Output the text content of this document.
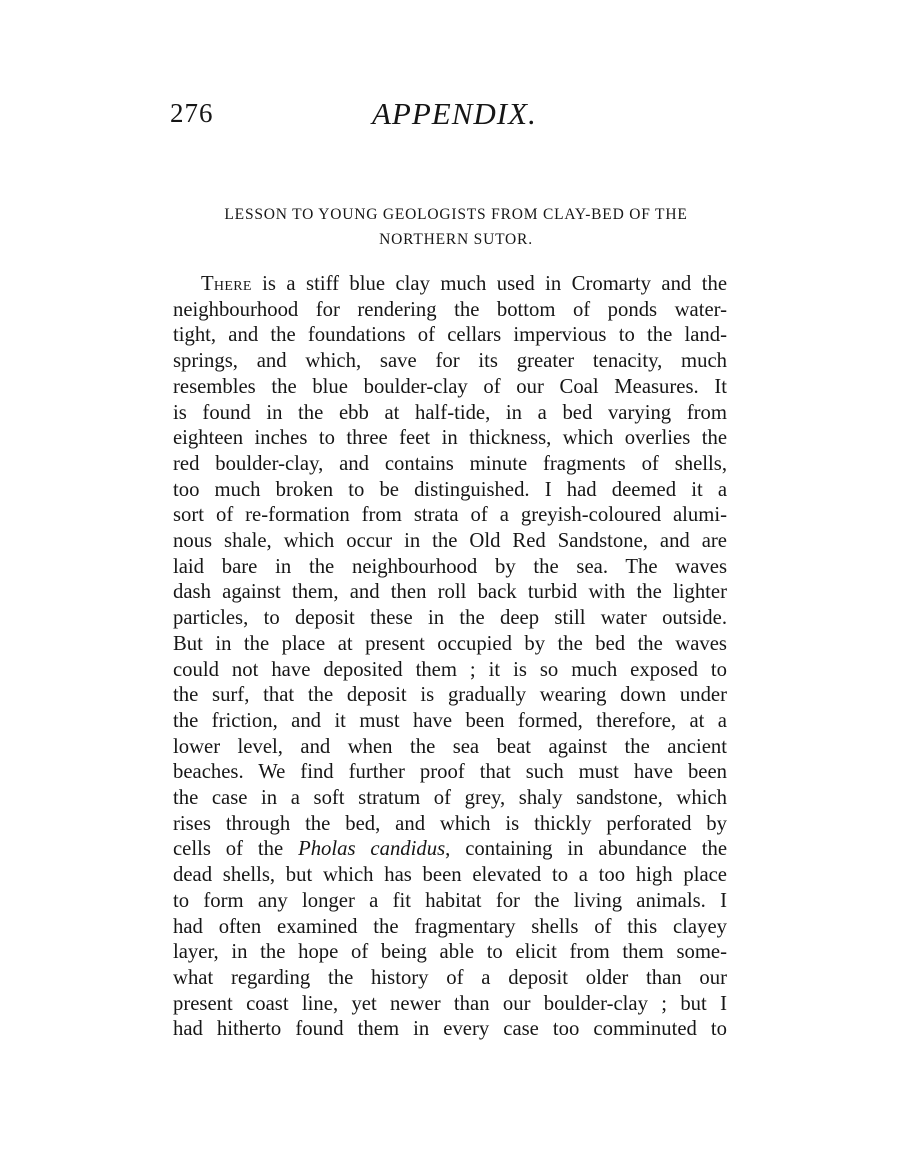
276	APPENDIX.
LESSON TO YOUNG GEOLOGISTS FROM CLAY-BED OF THE
NORTHERN SUTOR.
There is a stiff blue clay much used in Cromarty and the
neighbourhood for rendering the bottom of ponds water-
tight, and the foundations of cellars impervious to the land-
springs, and which, save for its greater tenacity, much
resembles the blue boulder-clay of our Coal Measures. It
is found in the ebb at half-tide, in a bed varying from
eighteen inches to three feet in thickness, which overlies the
red boulder-clay, and contains minute fragments of shells,
too much broken to be distinguished. I had deemed it a
sort of re-formation from strata of a greyish-coloured alumi-
nous shale, which occur in the Old Red Sandstone, and are
laid bare in the neighbourhood by the sea. The waves
dash against them, and then roll back turbid with the lighter
particles, to deposit these in the deep still water outside.
But in the place at present occupied by the bed the waves
could not have deposited them ; it is so much exposed to
the surf, that the deposit is gradually wearing down under
the friction, and it must have been formed, therefore, at a
lower level, and when the sea beat against the ancient
beaches. We find further proof that such must have been
the case in a soft stratum of grey, shaly sandstone, which
rises through the bed, and which is thickly perforated by
cells of the Pholas candidus, containing in abundance the
dead shells, but which has been elevated to a too high place
to form any longer a fit habitat for the living animals. I
had often examined the fragmentary shells of this clayey
layer, in the hope of being able to elicit from them some-
what regarding the history of a deposit older than our
present coast line, yet newer than our boulder-clay ; but I
had hitherto found them in every case too comminuted to
